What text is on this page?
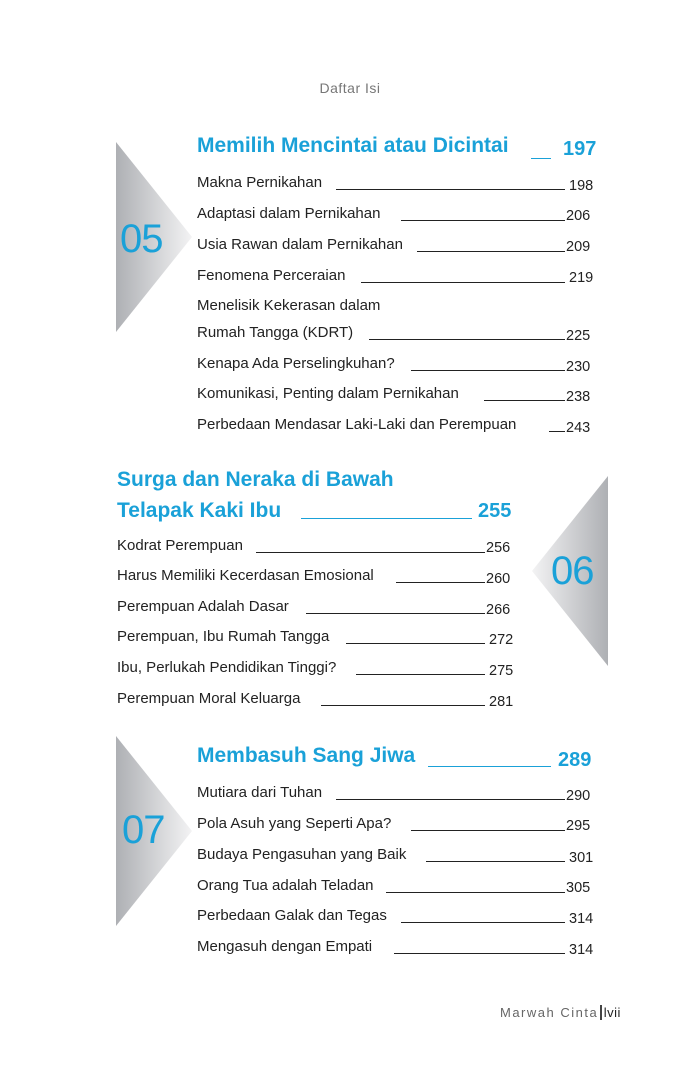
Daftar Isi
05
Memilih Mencintai atau Dicintai	197
Makna Pernikahan	198
Adaptasi dalam Pernikahan	206
Usia Rawan dalam Pernikahan	209
Fenomena Perceraian	219
Menelisik Kekerasan dalam
Rumah Tangga (KDRT)	225
Kenapa Ada Perselingkuhan?	230
Komunikasi, Penting dalam Pernikahan	238
Perbedaan Mendasar Laki-Laki dan Perempuan	243
06
Surga dan Neraka di Bawah
Telapak Kaki Ibu	255
Kodrat Perempuan	256
Harus Memiliki Kecerdasan Emosional	260
Perempuan Adalah Dasar	266
Perempuan, Ibu Rumah Tangga	272
Ibu, Perlukah Pendidikan Tinggi?	275
Perempuan Moral Keluarga	281
07
Membasuh Sang Jiwa	289
Mutiara dari Tuhan	290
Pola Asuh yang Seperti Apa?	295
Budaya Pengasuhan yang Baik	301
Orang Tua adalah Teladan	305
Perbedaan Galak dan Tegas	314
Mengasuh dengan Empati	314
Marwah Cinta lvii
